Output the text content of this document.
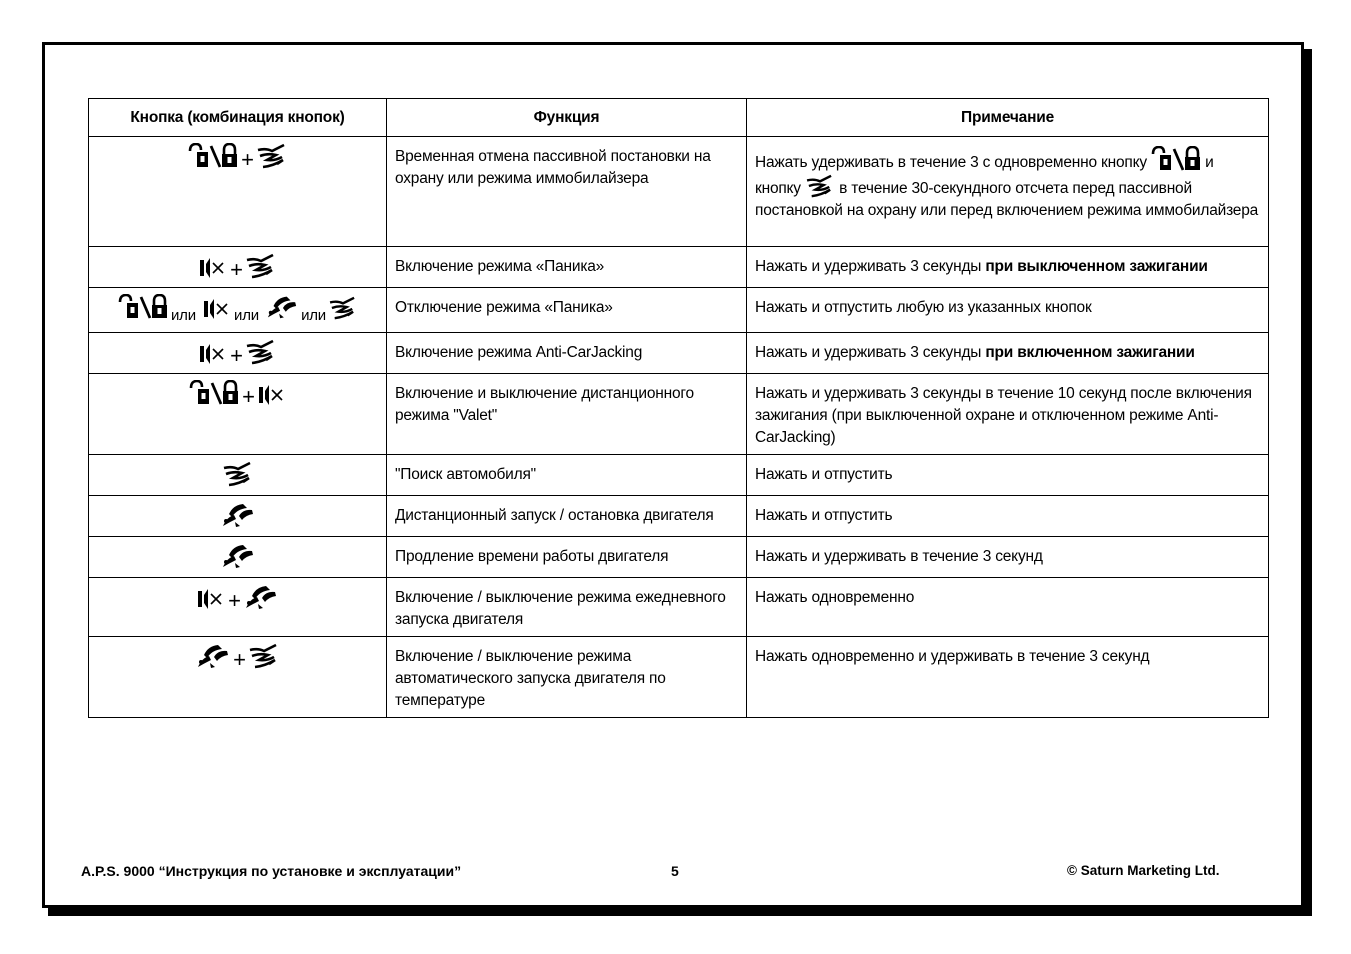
Кнопка (комбинация кнопок)	Функция	Примечание
+	Временная отмена пассивной постановки на охрану или режима иммобилайзера	Нажать удерживать в течение 3 с одновременно кнопку и кнопку в течение 30-секундного отсчета перед пассивной постановкой на охрану или перед включением режима иммобилайзера
+	Включение режима «Паника»	Нажать и удерживать 3 секунды при выключенном зажигании
или или или	Отключение режима «Паника»	Нажать и отпустить любую из указанных кнопок
+	Включение режима Anti-CarJacking	Нажать и удерживать 3 секунды при включенном зажигании
+	Включение и выключение дистанционного режима "Valet"	Нажать и удерживать 3 секунды в течение 10 секунд после включения зажигания (при выключенной охране и отключенном режиме Anti-CarJacking)
	"Поиск автомобиля"	Нажать и отпустить
	Дистанционный запуск / остановка двигателя	Нажать и отпустить
	Продление времени работы двигателя	Нажать и удерживать в течение 3 секунд
+	Включение / выключение режима ежедневного запуска двигателя	Нажать одновременно
+	Включение / выключение режима автоматического запуска двигателя по температуре	Нажать одновременно и удерживать в течение 3 секунд
A.P.S. 9000 “Инструкция по установке и эксплуатации”	5	© Saturn Marketing Ltd.
